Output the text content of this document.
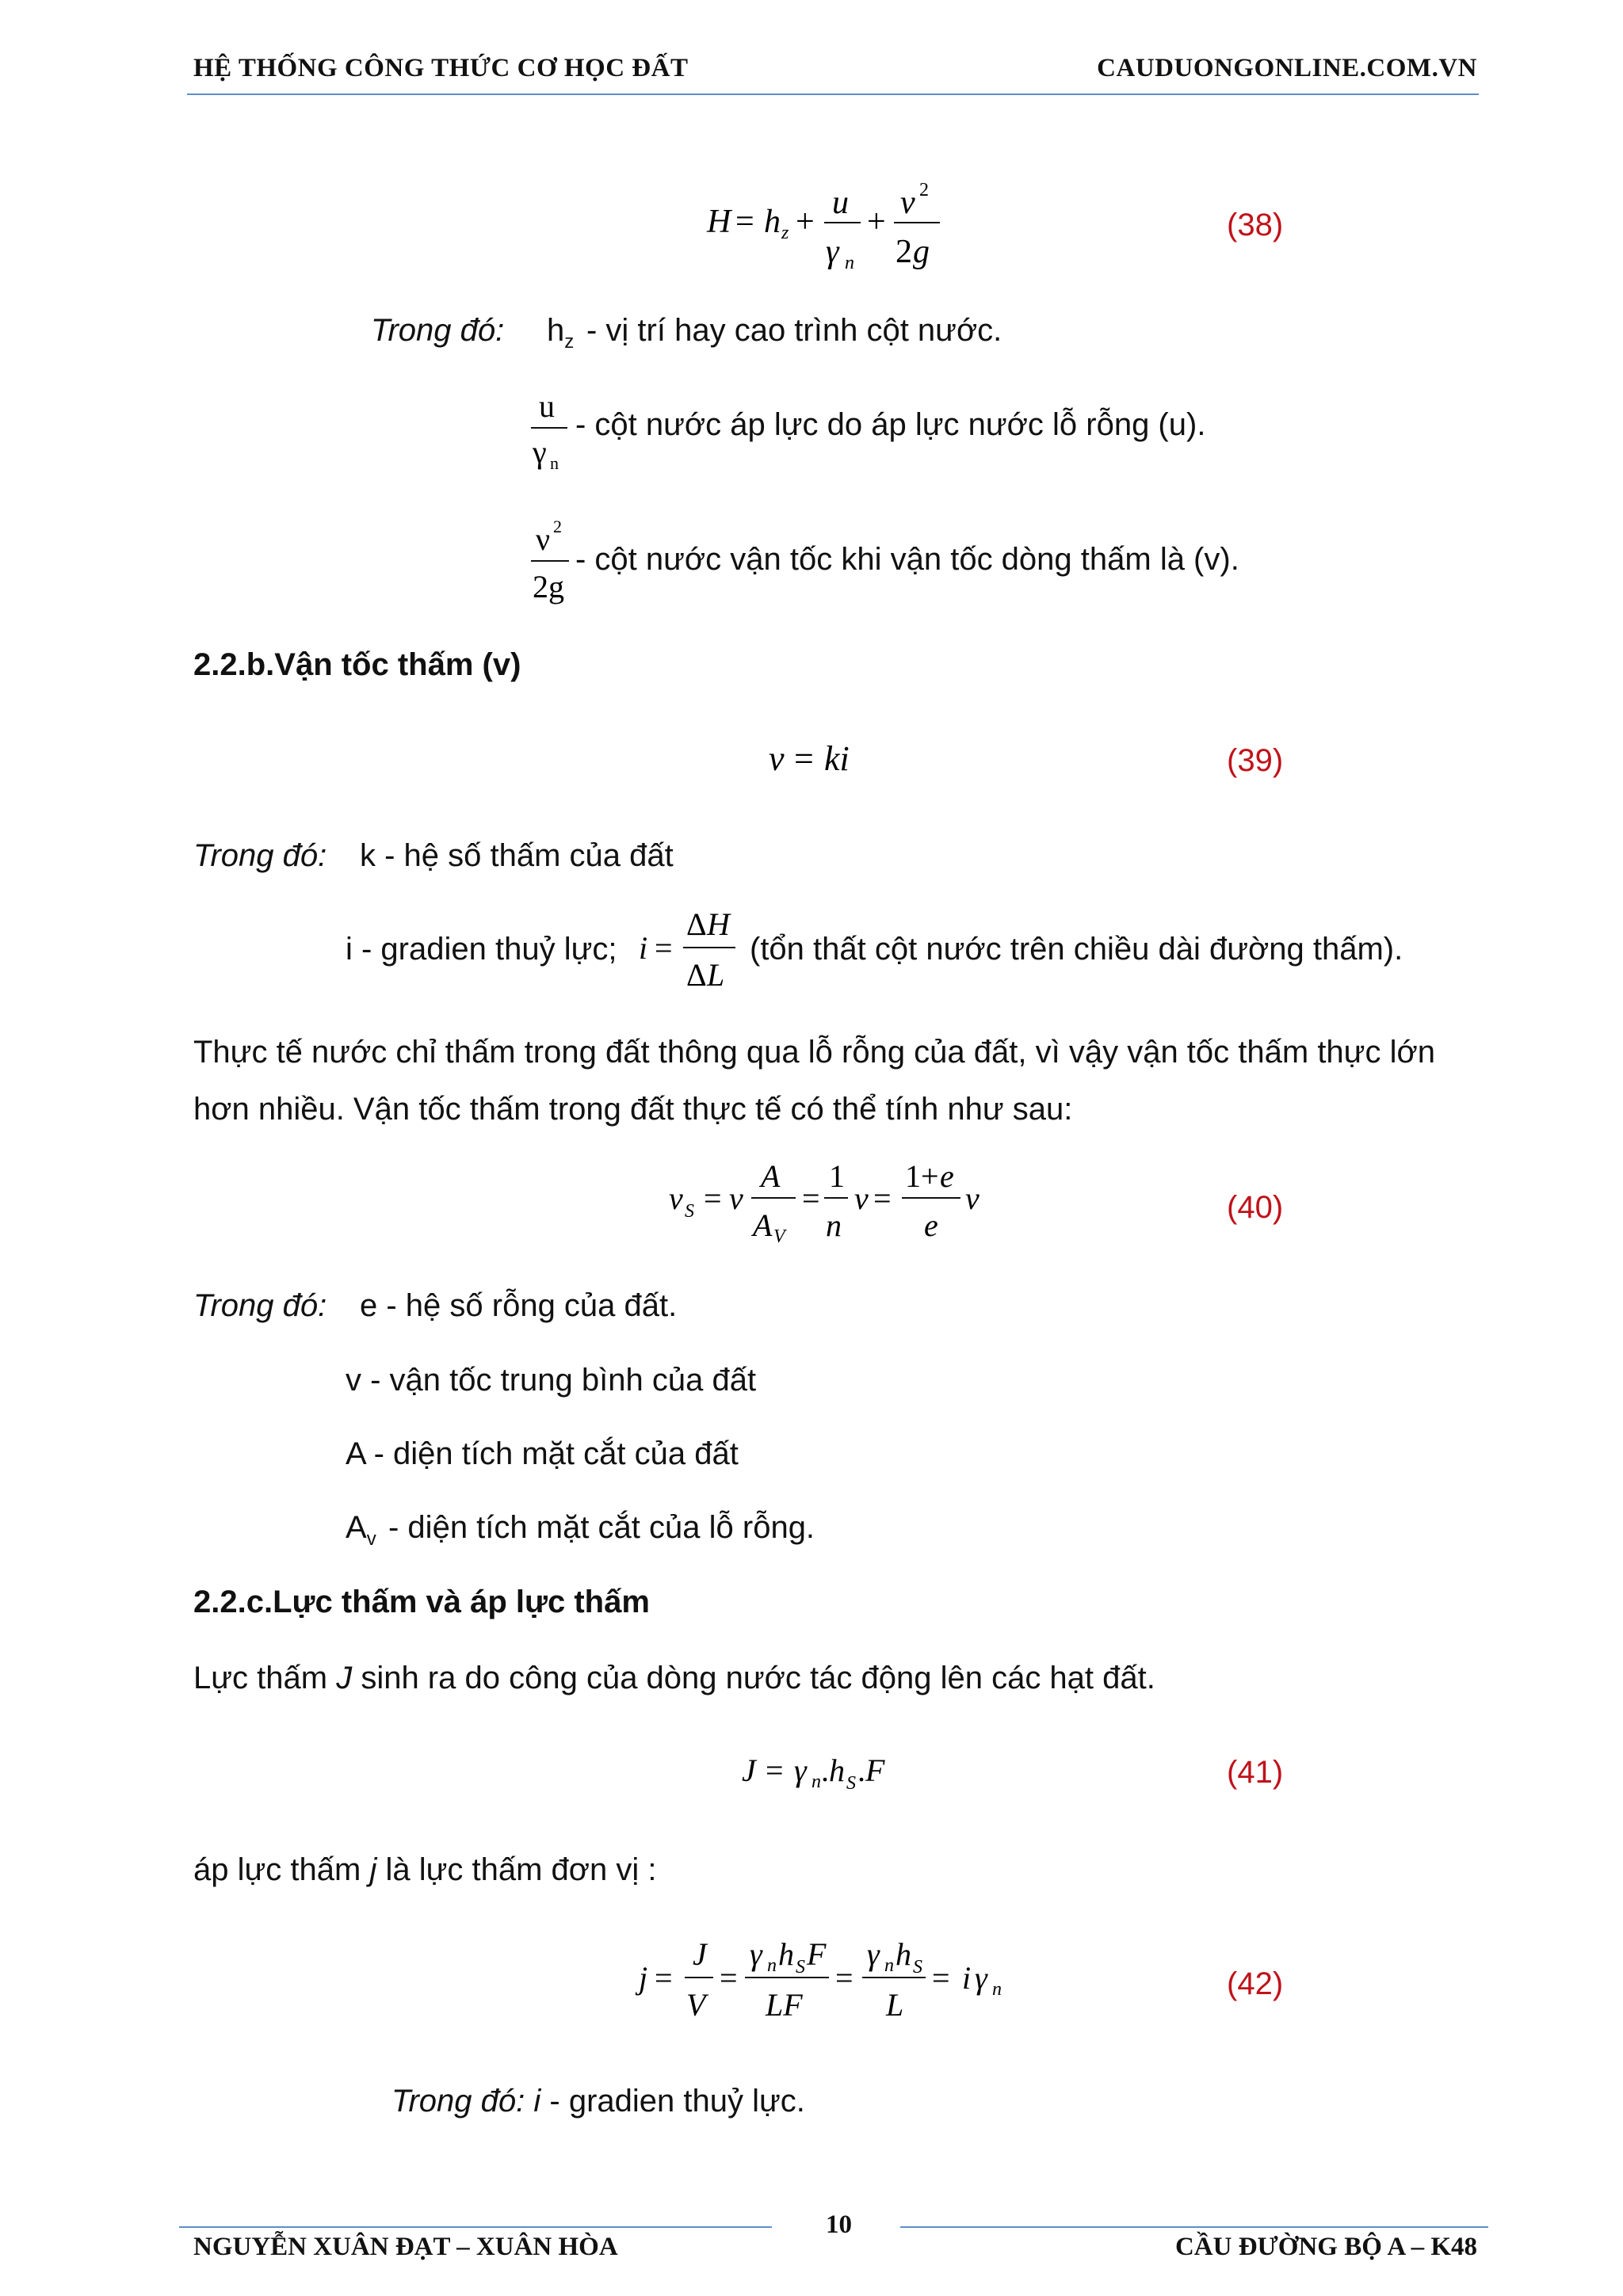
HỆ THỐNG CÔNG THỨC CƠ HỌC ĐẤT	CAUDUONGONLINE.COM.VN
H = h z +
u
γ n
+
v 2
2 g
(38)
Trong đó: $h_z$ - vị trí hay cao trình cột nước.
u
γ n
- cột nước áp lực do áp lực nước lỗ rỗng (u).
ν 2
2g
- cột nước vận tốc khi vận tốc dòng thấm là (v).
2.2.b.Vận tốc thấm (v)
v = ki	(39)
Trong đó: k - hệ số thấm của đất
i - gradien thuỷ lực; i =
Δ H
Δ L
(tổn thất cột nước trên chiều dài đường thấm).
Thực tế nước chỉ thấm trong đất thông qua lỗ rỗng của đất, vì vậy vận tốc thấm thực lớn hơn nhiều. Vận tốc thấm trong đất thực tế có thể tính như sau:
v S = v
A
A V
=
1
n
v =
1+ e
e
v	(40)
Trong đó: e - hệ số rỗng của đất.
v - vận tốc trung bình của đất
A - diện tích mặt cắt của đất
$A_v$ - diện tích mặt cắt của lỗ rỗng.
2.2.c.Lực thấm và áp lực thấm
Lực thấm J sinh ra do công của dòng nước tác động lên các hạt đất.
J = γ n . h S . F	(41)
áp lực thấm j là lực thấm đơn vị :
j =
J
V
=
γ n h S F
LF
=
γ n h S
L
= i γ n	(42)
Trong đó: i - gradien thuỷ lực.
10
NGUYỄN XUÂN ĐẠT – XUÂN HÒA	CẦU ĐƯỜNG BỘ A – K48
